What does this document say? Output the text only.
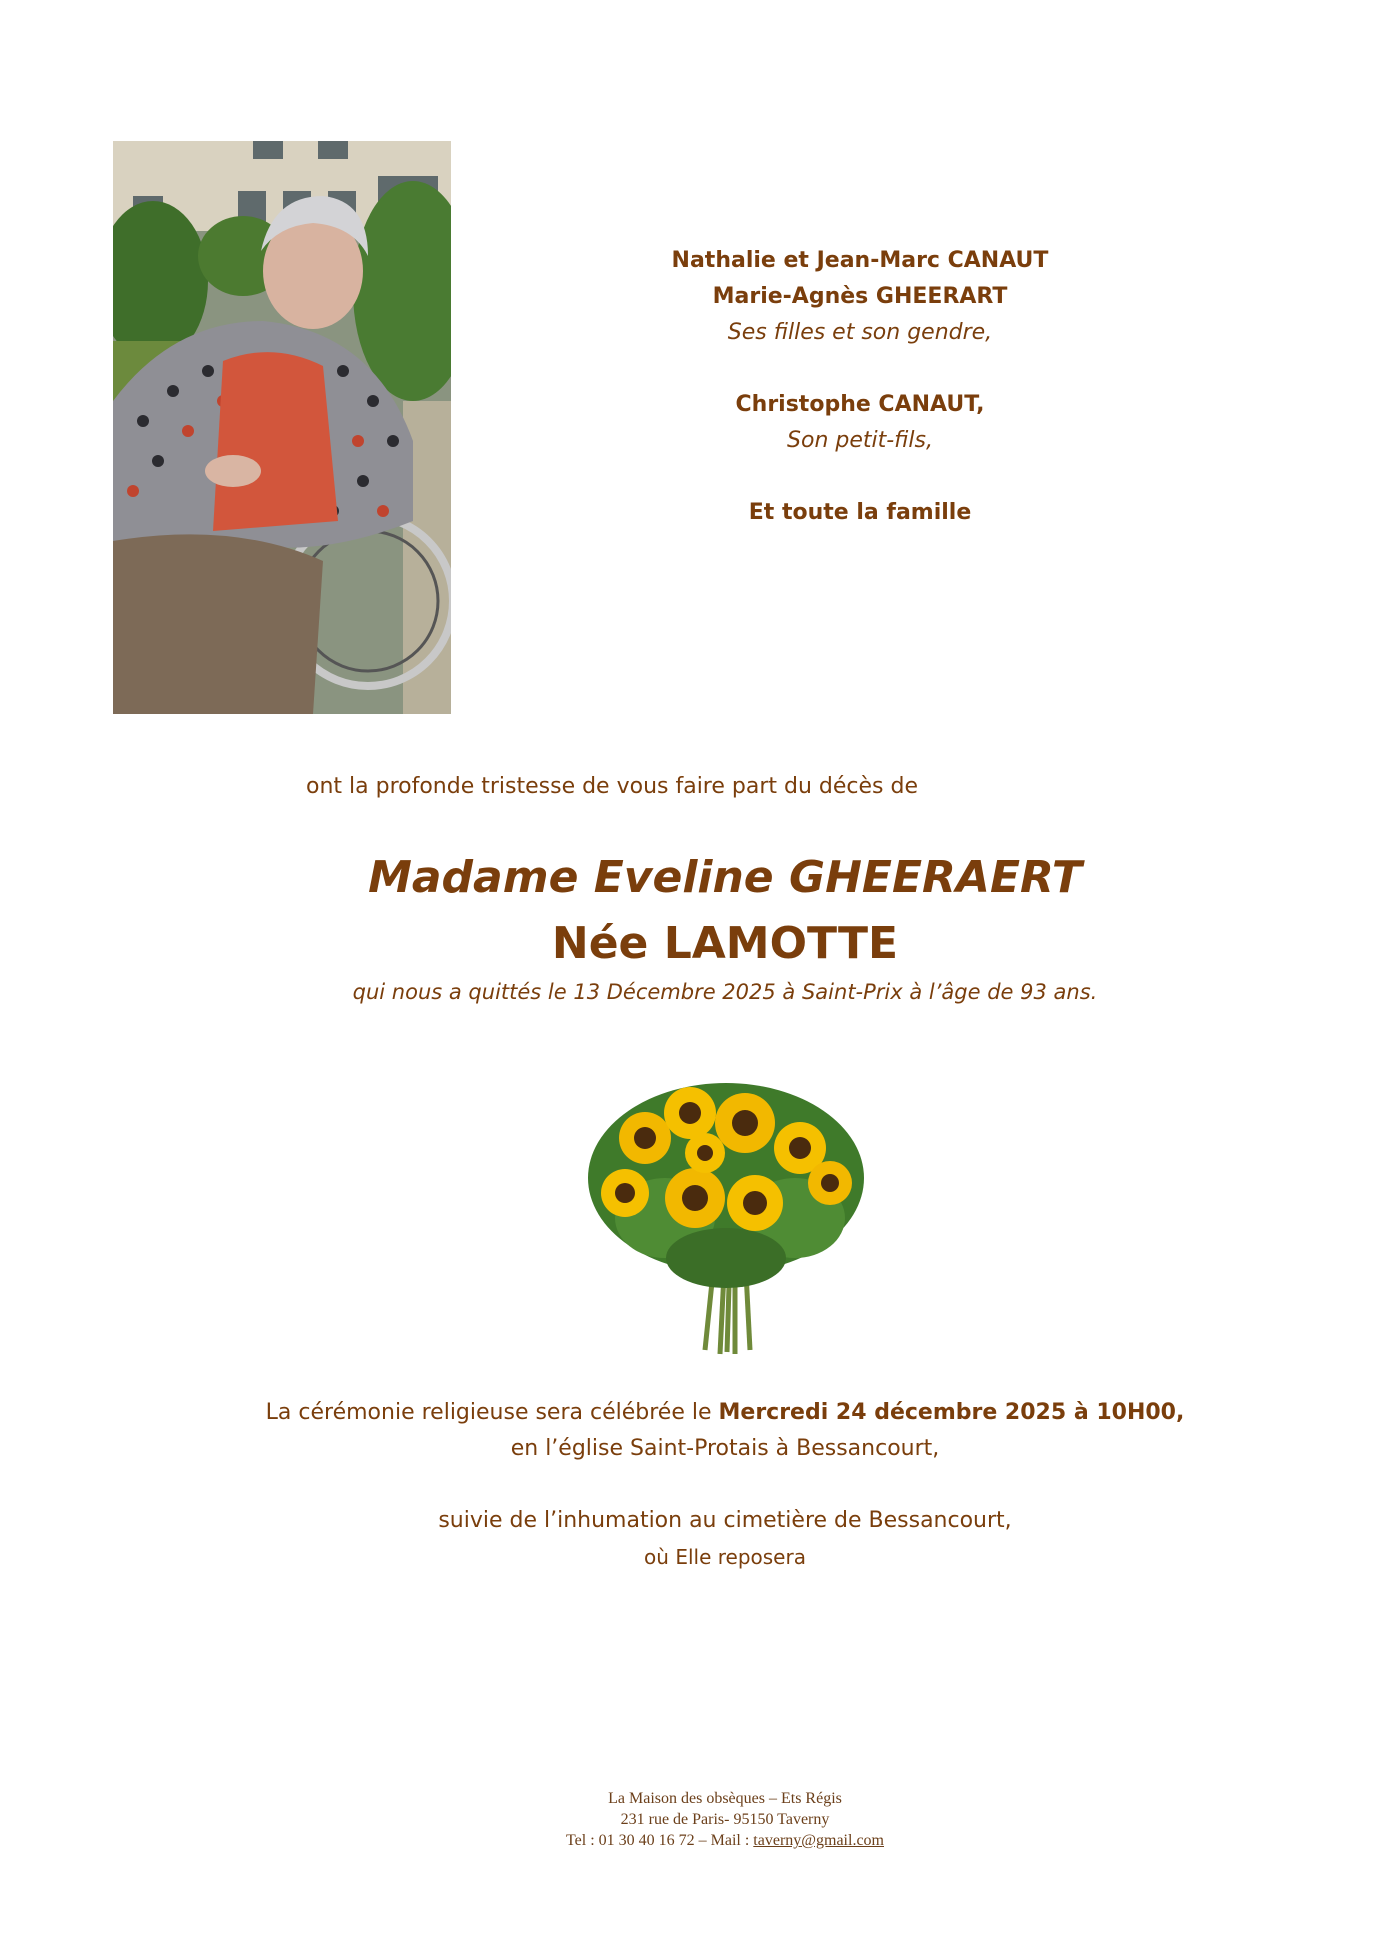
Nathalie et Jean-Marc CANAUT
Marie-Agnès GHEERART
Ses filles et son gendre,
Christophe CANAUT,
Son petit-fils,
Et toute la famille
ont la profonde tristesse de vous faire part du décès de
Madame Eveline GHEERAERT
Née LAMOTTE
qui nous a quittés le 13 Décembre 2025 à Saint-Prix à l’âge de 93 ans.
La cérémonie religieuse sera célébrée le Mercredi 24 décembre 2025 à 10H00,
en l’église Saint-Protais à Bessancourt,
suivie de l’inhumation au cimetière de Bessancourt,
où Elle reposera
La Maison des obsèques – Ets Régis
231 rue de Paris- 95150 Taverny
Tel : 01 30 40 16 72 – Mail : taverny@gmail.com
